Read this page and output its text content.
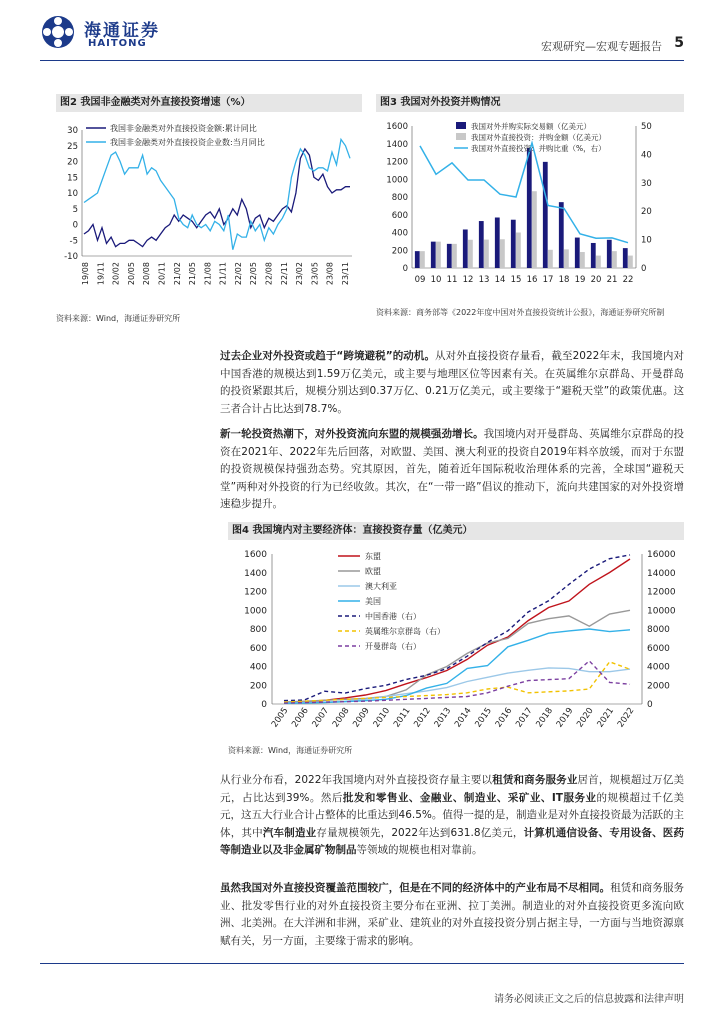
海通证券
HAITONG	宏观研究—宏观专题报告 5
图2 我国非金融类对外直接投资增速（%）
30
25
20
15
10
5
0
-5
-10
19/08 19/11 20/02 20/05 20/08 20/11 21/02 21/05 21/08 21/11 22/02 22/05 22/08 22/11 23/02 23/05 23/08 23/11
我国非金融类对外直接投资金额:累计同比
我国非金融类对外直接投资企业数:当月同比
资料来源：Wind，海通证券研究所
图3 我国对外投资并购情况
1600
1400
1200
1000
800
600
400
200
0
50
40
30
20
10
0
09 10 11 12 13 14 15 16 17 18 19 20 21 22
我国对外并购实际交易额（亿美元）
我国对外直接投资：并购金额（亿美元）
我国对外直接投资：并购比重（%，右）
资料来源：商务部等《2022年度中国对外直接投资统计公报》，海通证券研究所制
过去企业对外投资或趋于“跨境避税”的动机。从对外直接投资存量看，截至2022年末，我国境内对中国香港的规模达到1.59万亿美元，或主要与地理区位等因素有关。在英属维尔京群岛、开曼群岛的投资紧跟其后，规模分别达到0.37万亿、0.21万亿美元，或主要缘于“避税天堂”的政策优惠。这三者合计占比达到78.7%。
新一轮投资热潮下，对外投资流向东盟的规模强劲增长。我国境内对开曼群岛、英属维尔京群岛的投资在2021年、2022年先后回落，对欧盟、美国、澳大利亚的投资自2019年料卒放缓，而对于东盟的投资规模保持强劲态势。究其原因，首先，随着近年国际税收治理体系的完善，全球国“避税天堂”两种对外投资的行为已经收敛。其次，在“一带一路”倡议的推动下，流向共建国家的对外投资增速稳步提升。
图4 我国境内对主要经济体：直接投资存量（亿美元）
1600
1400
1200
1000
800
600
400
200
0
16000
14000
12000
10000
8000
6000
4000
2000
0
2005 2006 2007 2008 2009 2010 2011 2012 2013 2014 2015 2016 2017 2018 2019 2020 2021 2022
东盟
欧盟
澳大利亚
美国
中国香港（右）
英属维尔京群岛（右）
开曼群岛（右）
资料来源：Wind，海通证券研究所
从行业分布看，2022年我国境内对外直接投资存量主要以租赁和商务服务业居首，规模超过万亿美元，占比达到39%。然后批发和零售业、金融业、制造业、采矿业、IT服务业的规模超过千亿美元，这五大行业合计占整体的比重达到46.5%。值得一提的是，制造业是对外直接投资最为活跃的主体，其中汽车制造业存量规模领先，2022年达到631.8亿美元，计算机通信设备、专用设备、医药等制造业以及非金属矿物制品等领域的规模也相对靠前。
虽然我国对外直接投资覆盖范围较广，但是在不同的经济体中的产业布局不尽相同。租赁和商务服务业、批发零售行业的对外直接投资主要分布在亚洲、拉丁美洲。制造业的对外直接投资更多流向欧洲、北美洲。在大洋洲和非洲，采矿业、建筑业的对外直接投资分别占据主导，一方面与当地资源禀赋有关，另一方面，主要缘于需求的影响。
请务必阅读正文之后的信息披露和法律声明
